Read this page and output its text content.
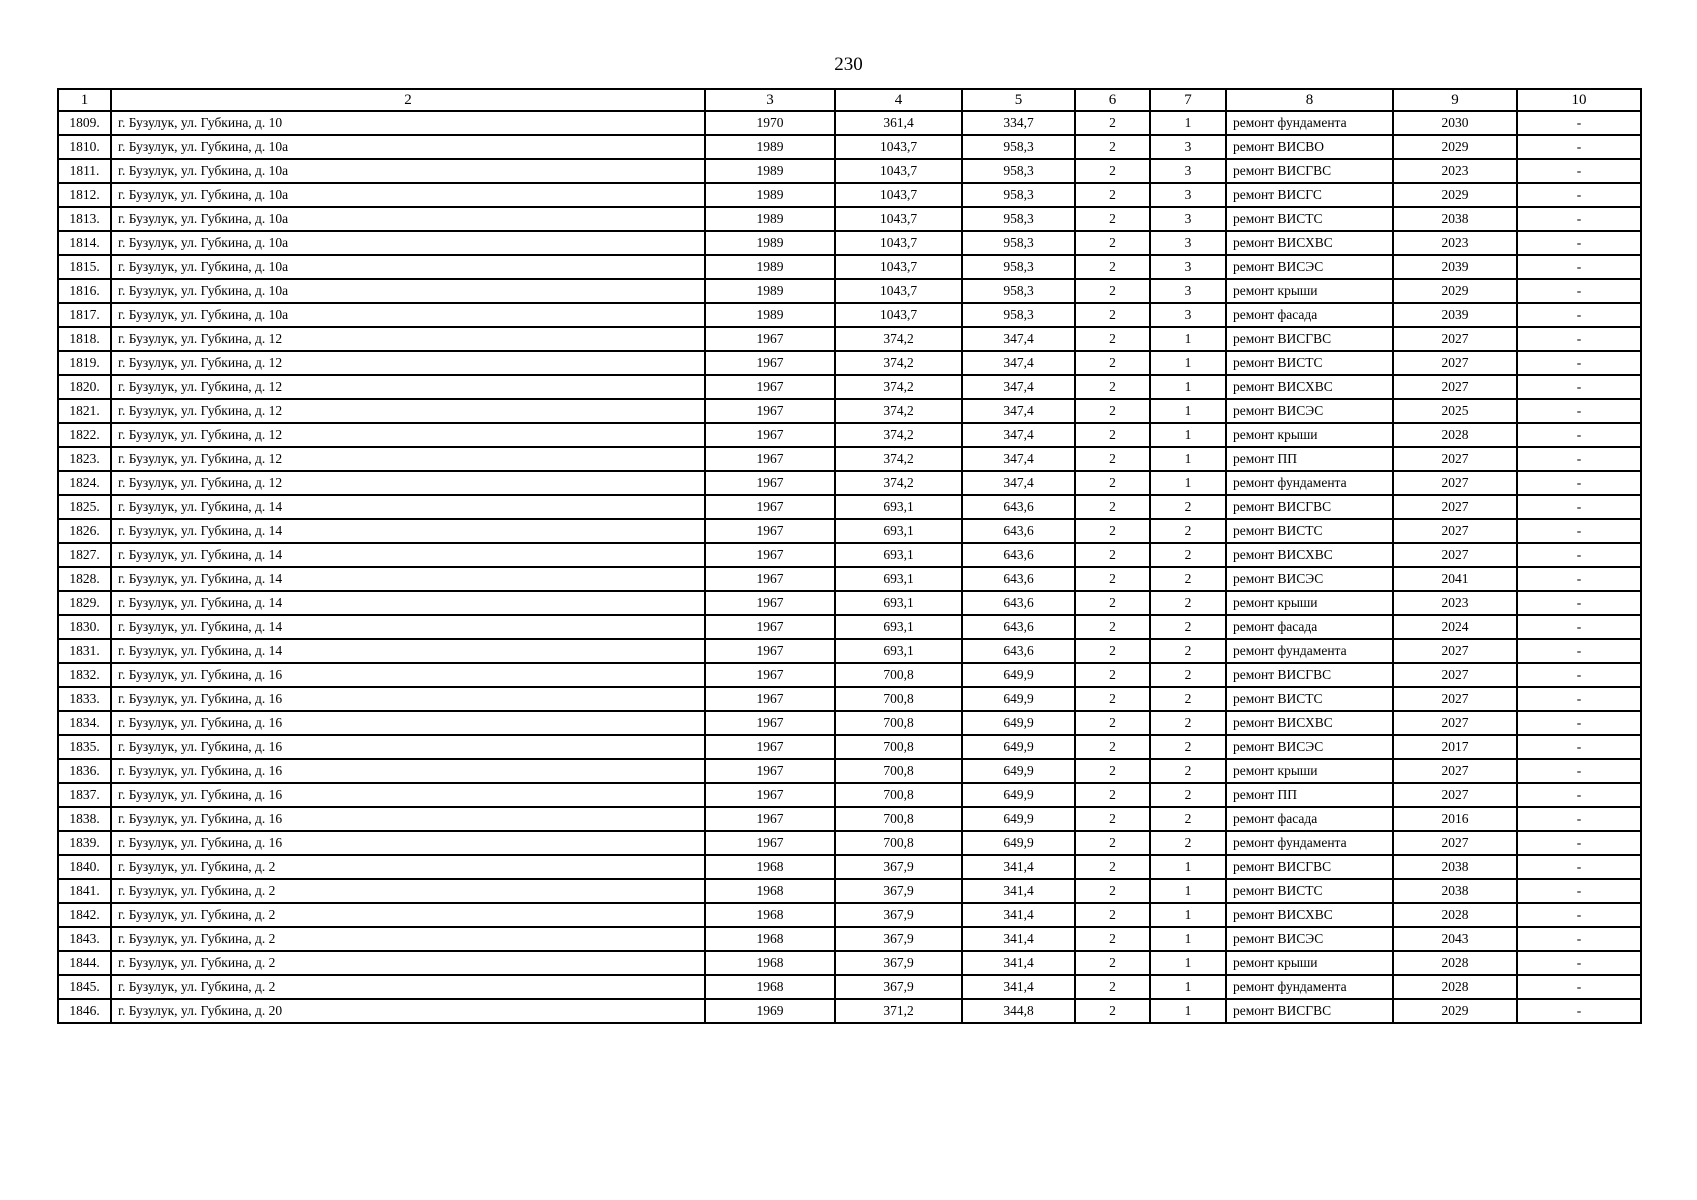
230
1	2	3	4	5	6	7	8	9	10
1809.	г. Бузулук, ул. Губкина, д. 10	1970	361,4	334,7	2	1	ремонт фундамента	2030	-
1810.	г. Бузулук, ул. Губкина, д. 10а	1989	1043,7	958,3	2	3	ремонт ВИСВО	2029	-
1811.	г. Бузулук, ул. Губкина, д. 10а	1989	1043,7	958,3	2	3	ремонт ВИСГВС	2023	-
1812.	г. Бузулук, ул. Губкина, д. 10а	1989	1043,7	958,3	2	3	ремонт ВИСГС	2029	-
1813.	г. Бузулук, ул. Губкина, д. 10а	1989	1043,7	958,3	2	3	ремонт ВИСТС	2038	-
1814.	г. Бузулук, ул. Губкина, д. 10а	1989	1043,7	958,3	2	3	ремонт ВИСХВС	2023	-
1815.	г. Бузулук, ул. Губкина, д. 10а	1989	1043,7	958,3	2	3	ремонт ВИСЭС	2039	-
1816.	г. Бузулук, ул. Губкина, д. 10а	1989	1043,7	958,3	2	3	ремонт крыши	2029	-
1817.	г. Бузулук, ул. Губкина, д. 10а	1989	1043,7	958,3	2	3	ремонт фасада	2039	-
1818.	г. Бузулук, ул. Губкина, д. 12	1967	374,2	347,4	2	1	ремонт ВИСГВС	2027	-
1819.	г. Бузулук, ул. Губкина, д. 12	1967	374,2	347,4	2	1	ремонт ВИСТС	2027	-
1820.	г. Бузулук, ул. Губкина, д. 12	1967	374,2	347,4	2	1	ремонт ВИСХВС	2027	-
1821.	г. Бузулук, ул. Губкина, д. 12	1967	374,2	347,4	2	1	ремонт ВИСЭС	2025	-
1822.	г. Бузулук, ул. Губкина, д. 12	1967	374,2	347,4	2	1	ремонт крыши	2028	-
1823.	г. Бузулук, ул. Губкина, д. 12	1967	374,2	347,4	2	1	ремонт ПП	2027	-
1824.	г. Бузулук, ул. Губкина, д. 12	1967	374,2	347,4	2	1	ремонт фундамента	2027	-
1825.	г. Бузулук, ул. Губкина, д. 14	1967	693,1	643,6	2	2	ремонт ВИСГВС	2027	-
1826.	г. Бузулук, ул. Губкина, д. 14	1967	693,1	643,6	2	2	ремонт ВИСТС	2027	-
1827.	г. Бузулук, ул. Губкина, д. 14	1967	693,1	643,6	2	2	ремонт ВИСХВС	2027	-
1828.	г. Бузулук, ул. Губкина, д. 14	1967	693,1	643,6	2	2	ремонт ВИСЭС	2041	-
1829.	г. Бузулук, ул. Губкина, д. 14	1967	693,1	643,6	2	2	ремонт крыши	2023	-
1830.	г. Бузулук, ул. Губкина, д. 14	1967	693,1	643,6	2	2	ремонт фасада	2024	-
1831.	г. Бузулук, ул. Губкина, д. 14	1967	693,1	643,6	2	2	ремонт фундамента	2027	-
1832.	г. Бузулук, ул. Губкина, д. 16	1967	700,8	649,9	2	2	ремонт ВИСГВС	2027	-
1833.	г. Бузулук, ул. Губкина, д. 16	1967	700,8	649,9	2	2	ремонт ВИСТС	2027	-
1834.	г. Бузулук, ул. Губкина, д. 16	1967	700,8	649,9	2	2	ремонт ВИСХВС	2027	-
1835.	г. Бузулук, ул. Губкина, д. 16	1967	700,8	649,9	2	2	ремонт ВИСЭС	2017	-
1836.	г. Бузулук, ул. Губкина, д. 16	1967	700,8	649,9	2	2	ремонт крыши	2027	-
1837.	г. Бузулук, ул. Губкина, д. 16	1967	700,8	649,9	2	2	ремонт ПП	2027	-
1838.	г. Бузулук, ул. Губкина, д. 16	1967	700,8	649,9	2	2	ремонт фасада	2016	-
1839.	г. Бузулук, ул. Губкина, д. 16	1967	700,8	649,9	2	2	ремонт фундамента	2027	-
1840.	г. Бузулук, ул. Губкина, д. 2	1968	367,9	341,4	2	1	ремонт ВИСГВС	2038	-
1841.	г. Бузулук, ул. Губкина, д. 2	1968	367,9	341,4	2	1	ремонт ВИСТС	2038	-
1842.	г. Бузулук, ул. Губкина, д. 2	1968	367,9	341,4	2	1	ремонт ВИСХВС	2028	-
1843.	г. Бузулук, ул. Губкина, д. 2	1968	367,9	341,4	2	1	ремонт ВИСЭС	2043	-
1844.	г. Бузулук, ул. Губкина, д. 2	1968	367,9	341,4	2	1	ремонт крыши	2028	-
1845.	г. Бузулук, ул. Губкина, д. 2	1968	367,9	341,4	2	1	ремонт фундамента	2028	-
1846.	г. Бузулук, ул. Губкина, д. 20	1969	371,2	344,8	2	1	ремонт ВИСГВС	2029	-
